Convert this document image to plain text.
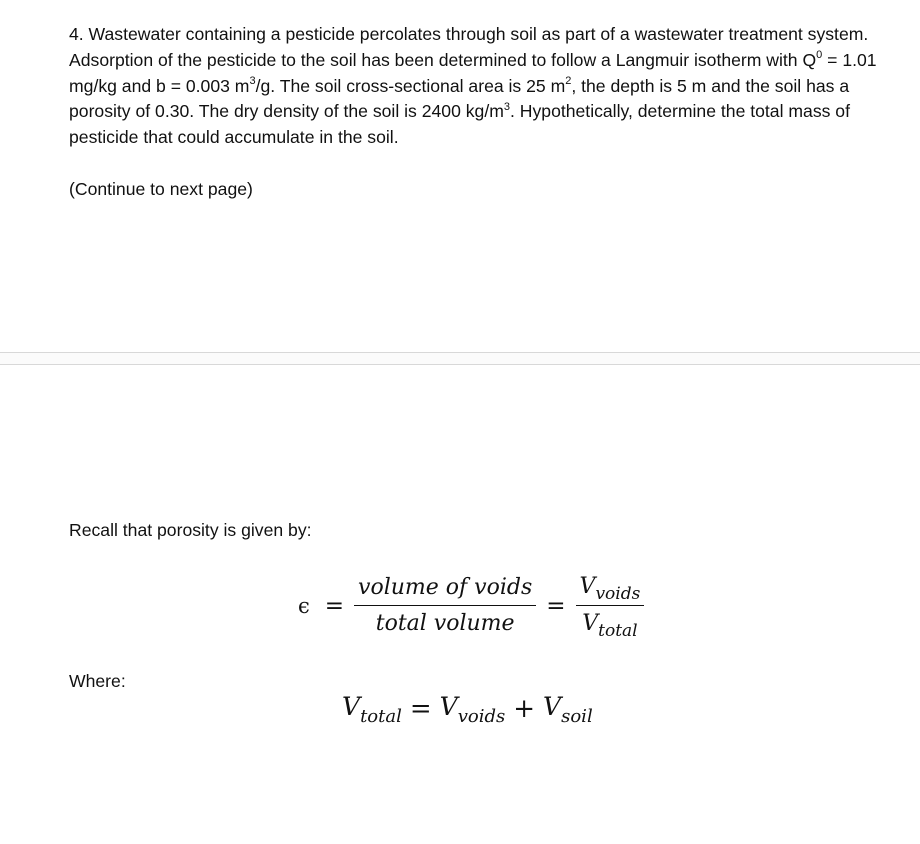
4. Wastewater containing a pesticide percolates through soil as part of a wastewater treatment system. Adsorption of the pesticide to the soil has been determined to follow a Langmuir isotherm with $Q^0 = 1.01$ mg/kg and b = 0.003 $m^3/g$. The soil cross-sectional area is 25 $m^2$, the depth is 5 m and the soil has a porosity of 0.30. The dry density of the soil is 2400 $kg/m^3$. Hypothetically, determine the total mass of pesticide that could accumulate in the soil.

(Continue to next page)

Recall that porosity is given by:

$\epsilon = \frac{\text{volume of voids}}{\text{total volume}} = \frac{V_{voids}}{V_{total}}$

Where:

$V_{total} = V_{voids} + V_{soil}$
